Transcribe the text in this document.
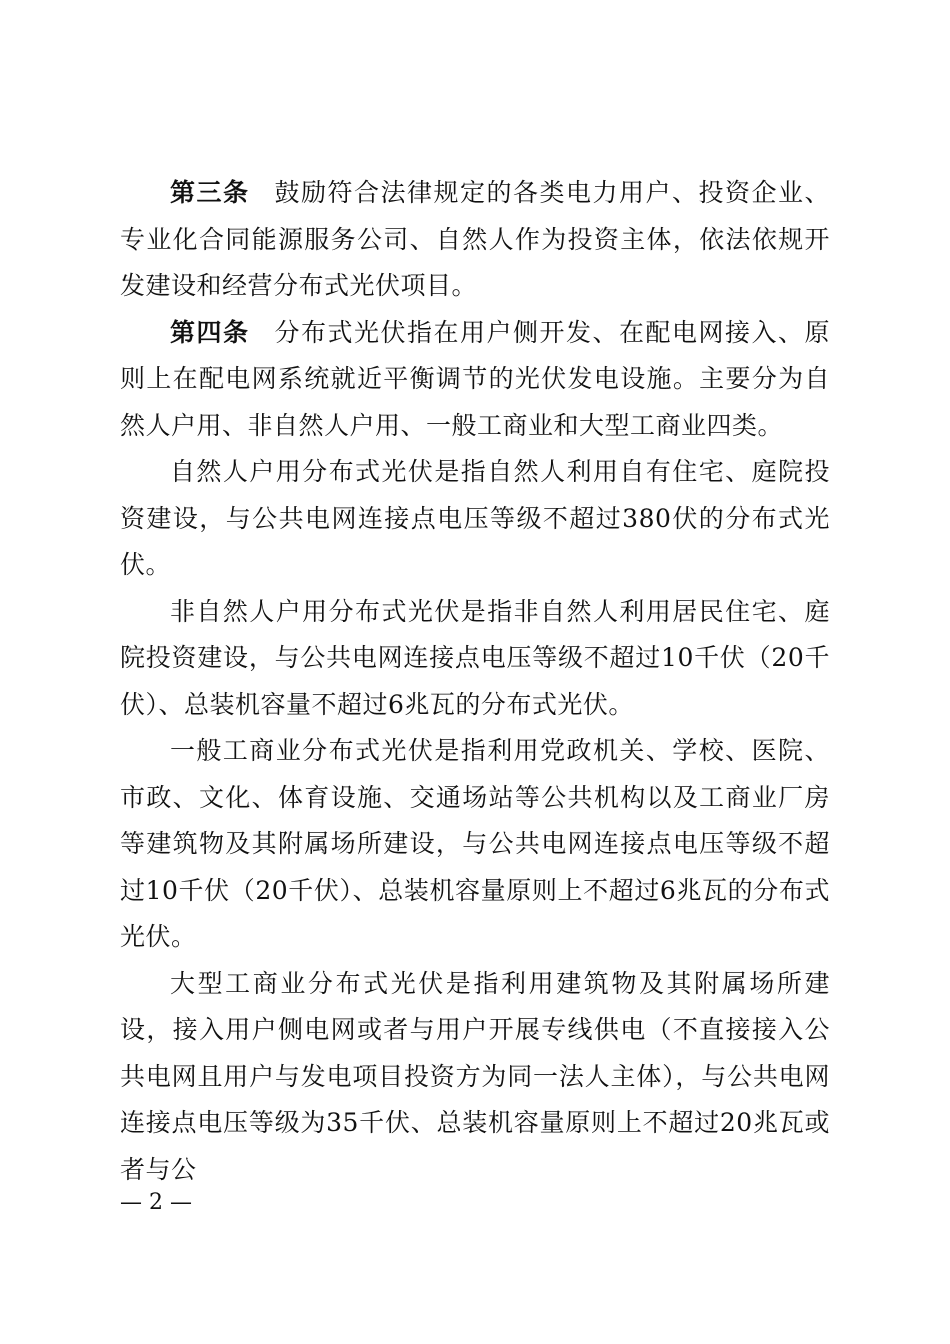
第三条 鼓励符合法律规定的各类电力用户、投资企业、专业化合同能源服务公司、自然人作为投资主体，依法依规开发建设和经营分布式光伏项目。

第四条 分布式光伏指在用户侧开发、在配电网接入、原则上在配电网系统就近平衡调节的光伏发电设施。主要分为自然人户用、非自然人户用、一般工商业和大型工商业四类。

自然人户用分布式光伏是指自然人利用自有住宅、庭院投资建设，与公共电网连接点电压等级不超过380伏的分布式光伏。

非自然人户用分布式光伏是指非自然人利用居民住宅、庭院投资建设，与公共电网连接点电压等级不超过10千伏（20千伏）、总装机容量不超过6兆瓦的分布式光伏。

一般工商业分布式光伏是指利用党政机关、学校、医院、市政、文化、体育设施、交通场站等公共机构以及工商业厂房等建筑物及其附属场所建设，与公共电网连接点电压等级不超过10千伏（20千伏）、总装机容量原则上不超过6兆瓦的分布式光伏。

大型工商业分布式光伏是指利用建筑物及其附属场所建设，接入用户侧电网或者与用户开展专线供电（不直接接入公共电网且用户与发电项目投资方为同一法人主体），与公共电网连接点电压等级为35千伏、总装机容量原则上不超过20兆瓦或者与公

— 2 —
